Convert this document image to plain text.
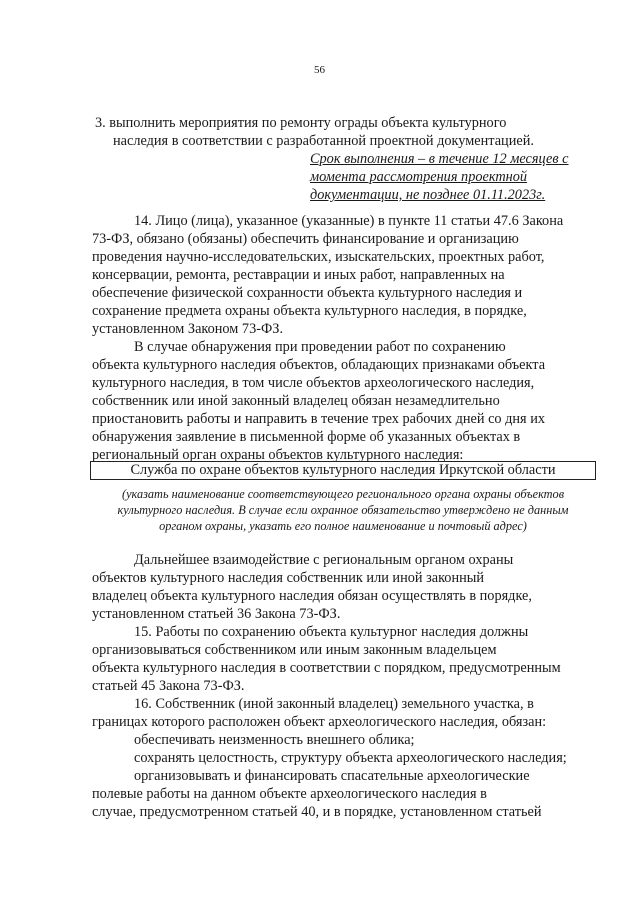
56
3. выполнить мероприятия по ремонту ограды объекта культурного
наследия в соответствии с разработанной проектной документацией.
Срок выполнения – в течение 12 месяцев с
момента рассмотрения проектной
документации, не позднее 01.11.2023г.
14. Лицо (лица), указанное (указанные) в пункте 11 статьи 47.6 Закона
73-ФЗ, обязано (обязаны) обеспечить финансирование и организацию
проведения научно-исследовательских, изыскательских, проектных работ,
консервации, ремонта, реставрации и иных работ, направленных на
обеспечение физической сохранности объекта культурного наследия и
сохранение предмета охраны объекта культурного наследия, в порядке,
установленном Законом 73-ФЗ.
В случае обнаружения при проведении работ по сохранению
объекта культурного наследия объектов, обладающих признаками объекта
культурного наследия, в том числе объектов археологического наследия,
собственник или иной законный владелец обязан незамедлительно
приостановить работы и направить в течение трех рабочих дней со дня их
обнаружения заявление в письменной форме об указанных объектах в
региональный орган охраны объектов культурного наследия:
Служба по охране объектов культурного наследия Иркутской области
(указать наименование соответствующего регионального органа охраны объектов
культурного наследия. В случае если охранное обязательство утверждено не данным
органом охраны, указать его полное наименование и почтовый адрес)
Дальнейшее взаимодействие с региональным органом охраны
объектов культурного наследия собственник или иной законный
владелец объекта культурного наследия обязан осуществлять в порядке,
установленном статьей 36 Закона 73-ФЗ.
15. Работы по сохранению объекта культурног наследия должны
организовываться собственником или иным законным владельцем
объекта культурного наследия в соответствии с порядком, предусмотренным
статьей 45 Закона 73-ФЗ.
16. Собственник (иной законный владелец) земельного участка, в
границах которого расположен объект археологического наследия, обязан:
обеспечивать неизменность внешнего облика;
сохранять целостность, структуру объекта археологического наследия;
организовывать и финансировать спасательные археологические
полевые работы на данном объекте археологического наследия в
случае, предусмотренном статьей 40, и в порядке, установленном статьей
